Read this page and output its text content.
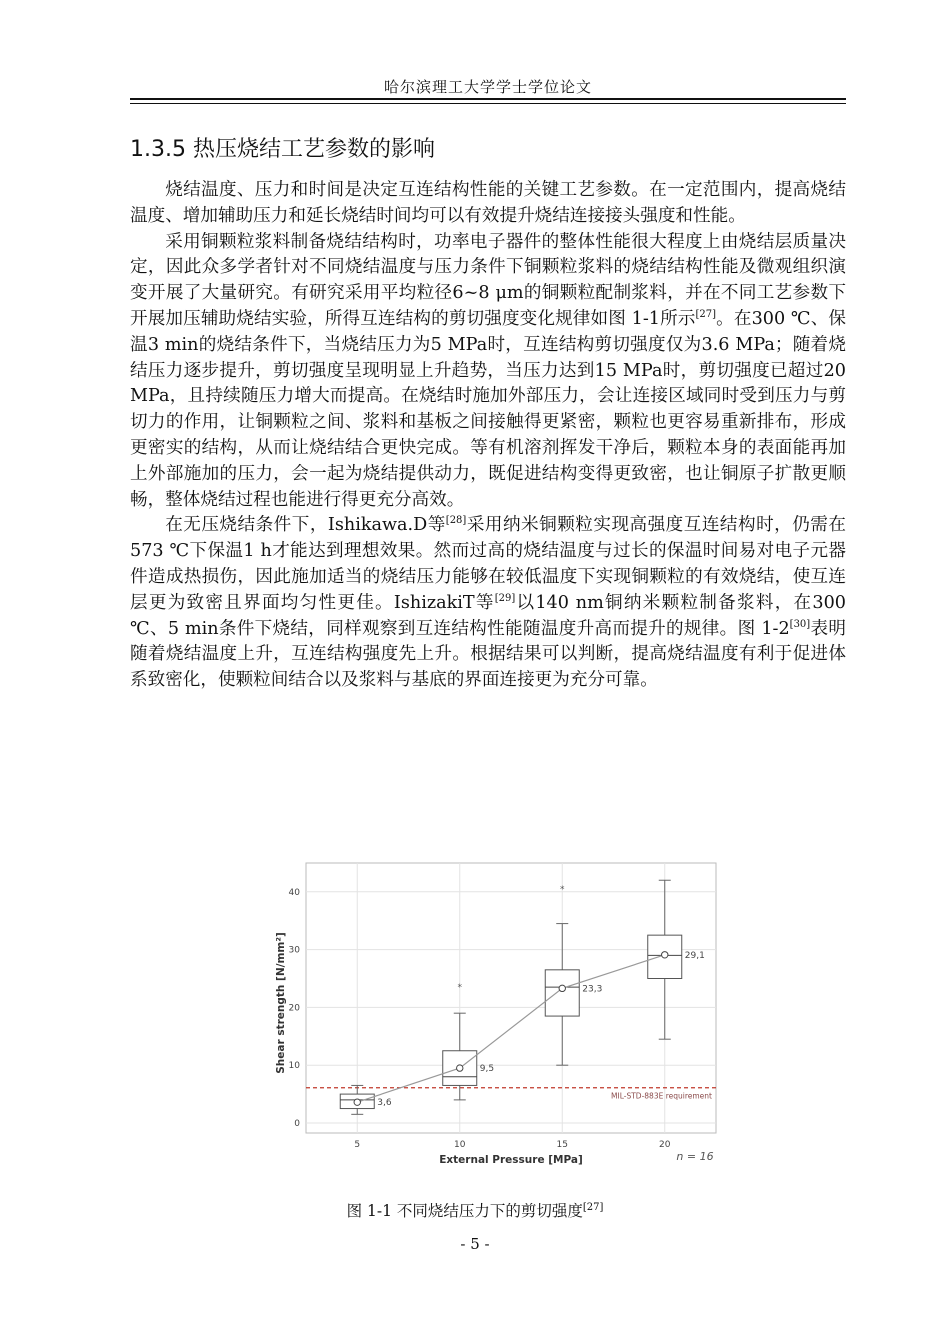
哈尔滨理工大学学士学位论文
1.3.5 热压烧结工艺参数的影响

烧结温度、压力和时间是决定互连结构性能的关键工艺参数。在一定范围内，提高烧结温度、增加辅助压力和延长烧结时间均可以有效提升烧结连接接头强度和性能。

采用铜颗粒浆料制备烧结结构时，功率电子器件的整体性能很大程度上由烧结层质量决定，因此众多学者针对不同烧结温度与压力条件下铜颗粒浆料的烧结结构性能及微观组织演变开展了大量研究。有研究采用平均粒径6~8 μm的铜颗粒配制浆料，并在不同工艺参数下开展加压辅助烧结实验，所得互连结构的剪切强度变化规律如图 1-1所示[27]。在300 ℃、保温3 min的烧结条件下，当烧结压力为5 MPa时，互连结构剪切强度仅为3.6 MPa；随着烧结压力逐步提升，剪切强度呈现明显上升趋势，当压力达到15 MPa时，剪切强度已超过20 MPa，且持续随压力增大而提高。在烧结时施加外部压力，会让连接区域同时受到压力与剪切力的作用，让铜颗粒之间、浆料和基板之间接触得更紧密，颗粒也更容易重新排布，形成更密实的结构，从而让烧结结合更快完成。等有机溶剂挥发干净后，颗粒本身的表面能再加上外部施加的压力，会一起为烧结提供动力，既促进结构变得更致密，也让铜原子扩散更顺畅，整体烧结过程也能进行得更充分高效。

在无压烧结条件下，Ishikawa.D等[28]采用纳米铜颗粒实现高强度互连结构时，仍需在573 ℃下保温1 h才能达到理想效果。然而过高的烧结温度与过长的保温时间易对电子元器件造成热损伤，因此施加适当的烧结压力能够在较低温度下实现铜颗粒的有效烧结，使互连层更为致密且界面均匀性更佳。IshizakiT等[29]以140 nm铜纳米颗粒制备浆料，在300 ℃、5 min条件下烧结，同样观察到互连结构性能随温度升高而提升的规律。图 1-2[30]表明随着烧结温度上升，互连结构强度先上升。根据结果可以判断，提高烧结温度有利于促进体系致密化，使颗粒间结合以及浆料与基底的界面连接更为充分可靠。

MIL-STD-883E requirement
*
*
3,6
9,5
23,3
29,1
0
10
20
30
40
5	10	15	20
Shear strength [N/mm²]
External Pressure [MPa]	n = 16
图 1-1 不同烧结压力下的剪切强度[27]
- 5 -
